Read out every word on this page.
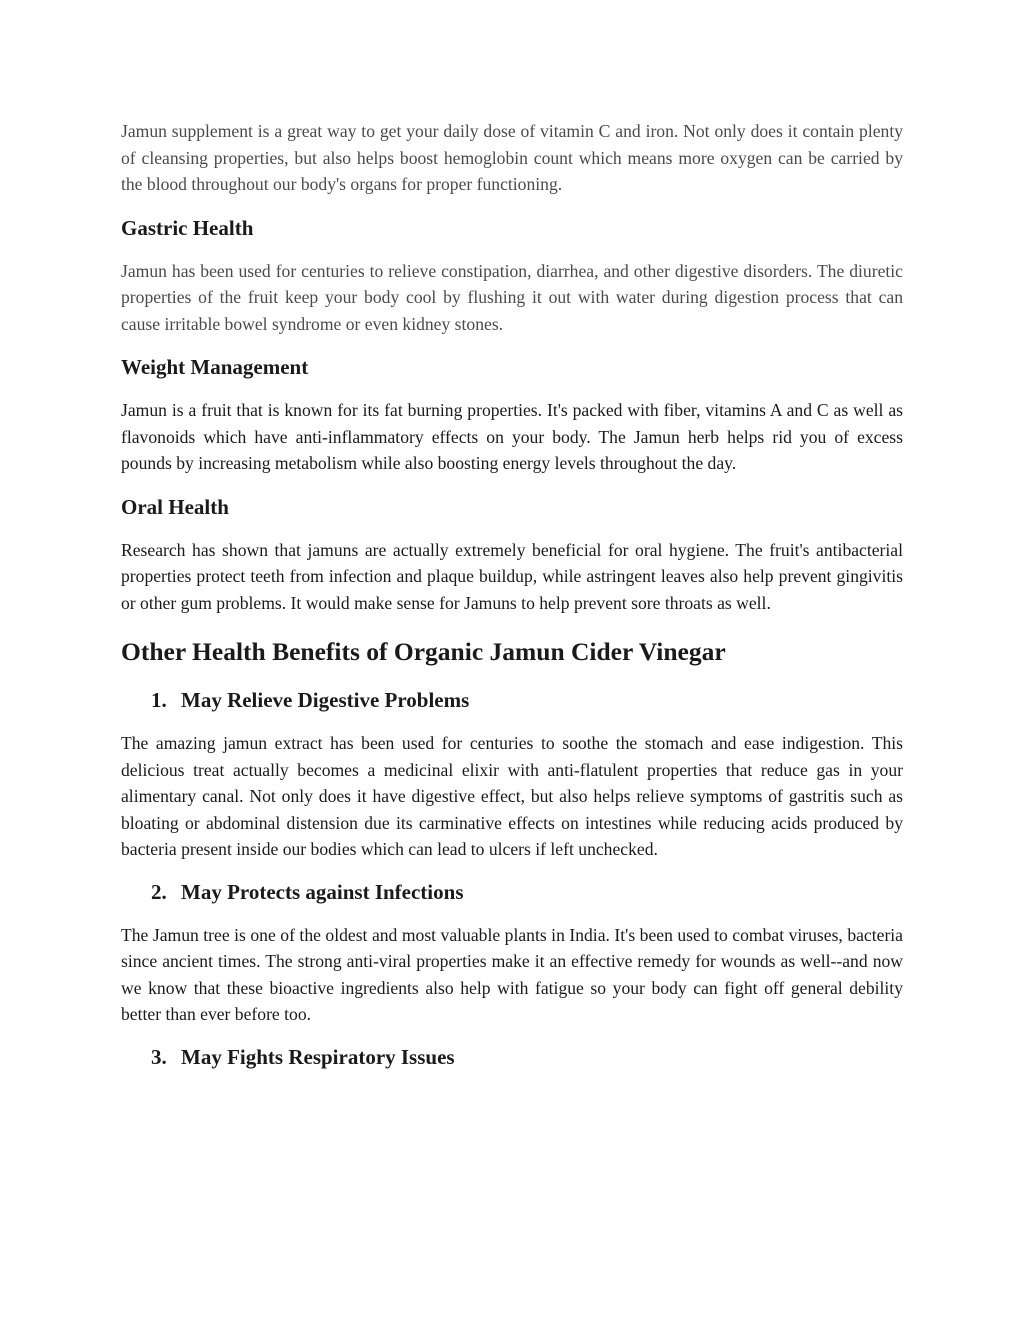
Jamun supplement is a great way to get your daily dose of vitamin C and iron. Not only does it contain plenty of cleansing properties, but also helps boost hemoglobin count which means more oxygen can be carried by the blood throughout our body's organs for proper functioning.

Gastric Health

Jamun has been used for centuries to relieve constipation, diarrhea, and other digestive disorders. The diuretic properties of the fruit keep your body cool by flushing it out with water during digestion process that can cause irritable bowel syndrome or even kidney stones.

Weight Management

Jamun is a fruit that is known for its fat burning properties. It's packed with fiber, vitamins A and C as well as flavonoids which have anti-inflammatory effects on your body. The Jamun herb helps rid you of excess pounds by increasing metabolism while also boosting energy levels throughout the day.

Oral Health

Research has shown that jamuns are actually extremely beneficial for oral hygiene. The fruit's antibacterial properties protect teeth from infection and plaque buildup, while astringent leaves also help prevent gingivitis or other gum problems. It would make sense for Jamuns to help prevent sore throats as well.

Other Health Benefits of Organic Jamun Cider Vinegar
1. May Relieve Digestive Problems

The amazing jamun extract has been used for centuries to soothe the stomach and ease indigestion. This delicious treat actually becomes a medicinal elixir with anti-flatulent properties that reduce gas in your alimentary canal. Not only does it have digestive effect, but also helps relieve symptoms of gastritis such as bloating or abdominal distension due its carminative effects on intestines while reducing acids produced by bacteria present inside our bodies which can lead to ulcers if left unchecked.

2. May Protects against Infections

The Jamun tree is one of the oldest and most valuable plants in India. It's been used to combat viruses, bacteria since ancient times. The strong anti-viral properties make it an effective remedy for wounds as well--and now we know that these bioactive ingredients also help with fatigue so your body can fight off general debility better than ever before too.

3. May Fights Respiratory Issues
